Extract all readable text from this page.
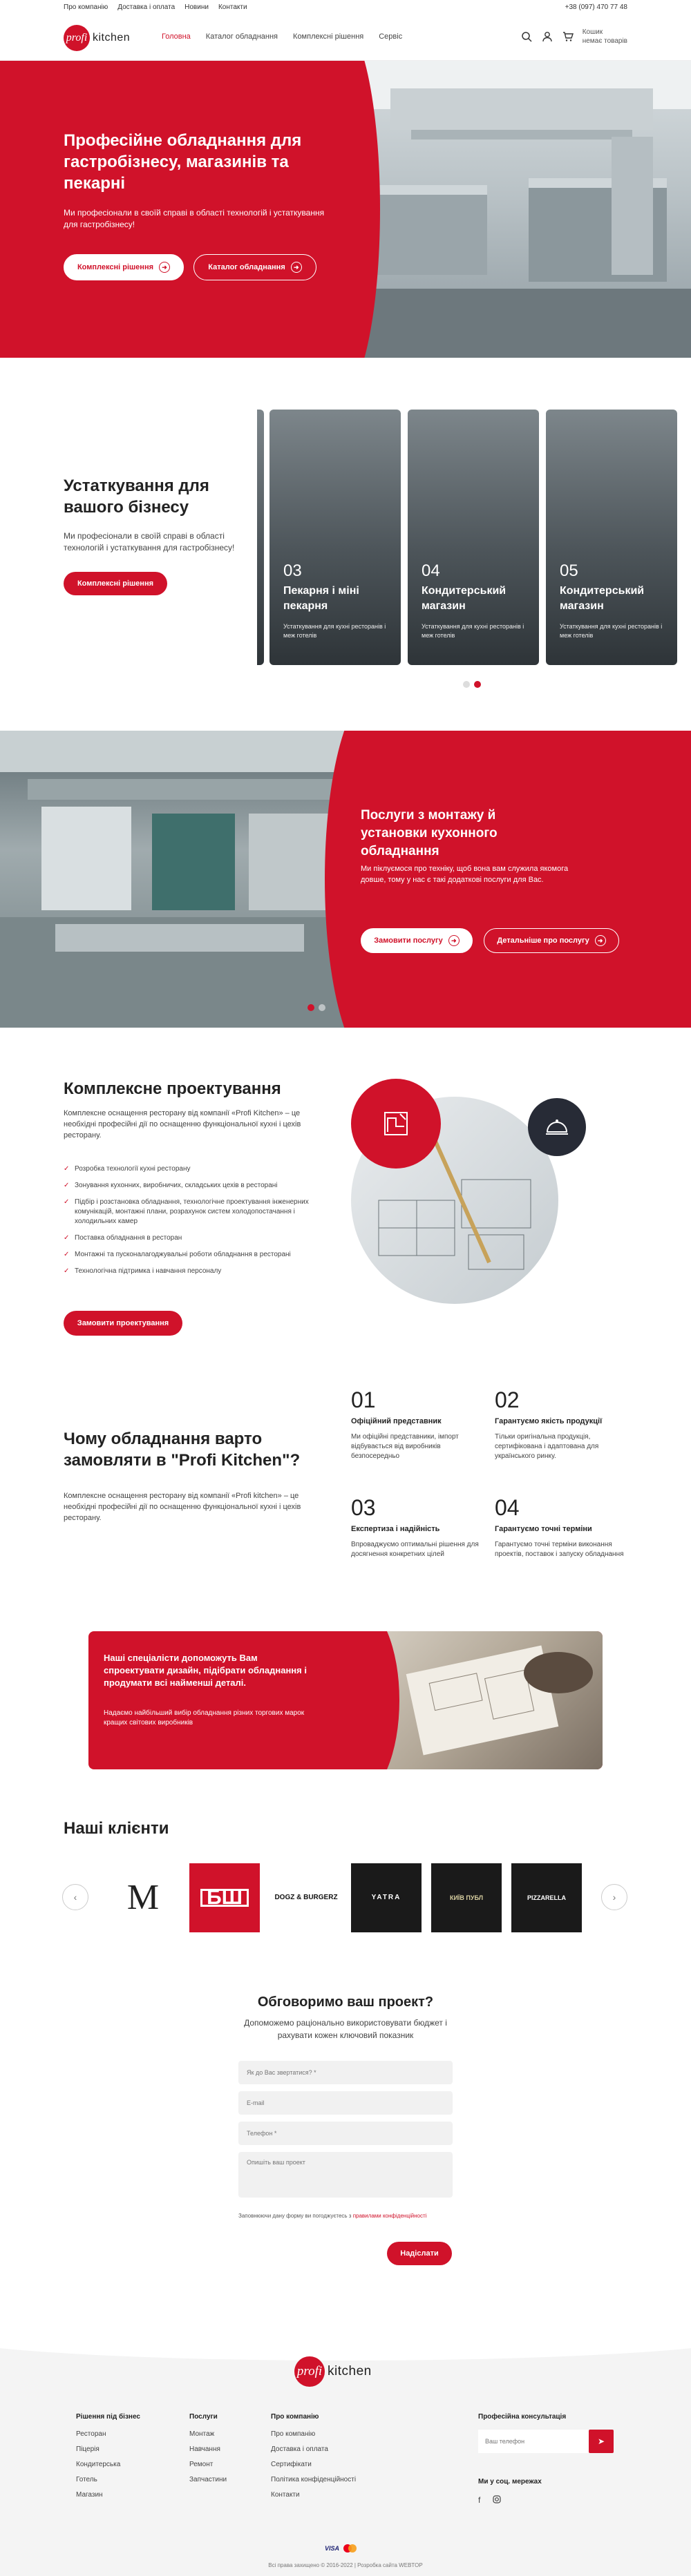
Про компанію Доставка і оплата Новини Контакти	+38 (097) 470 77 48
profi kitchen	Головна Каталог обладнання Комплексні рішення Сервіс
Кошик
немає товарів
Професійне обладнання для гастробізнесу, магазинів та пекарні

Ми професіонали в своїй справі в області технологій і устаткування для гастробізнесу!

Комплексні рішення	➜	Каталог обладнання	➜
Устаткування для вашого бізнесу

Ми професіонали в своїй справі в області технологій і устаткування для гастробізнесу!

Комплексні рішення
03
Пекарня і міні пекарня
Устаткування для кухні ресторанів і меж готелів
04
Кондитерський магазин
Устаткування для кухні ресторанів і меж готелів
05
Кондитерський магазин
Устаткування для кухні ресторанів і меж готелів
Послуги з монтажу й установки кухонного обладнання

Ми піклуємося про техніку, щоб вона вам служила якомога довше, тому у нас є такі додаткові послуги для Вас.

Замовити послугу	➜	Детальніше про послугу	➜
Комплексне проектування
Комплексне оснащення ресторану від компанії «Profi Kitchen» – це необхідні професійні дії по оснащенню функціональної кухні і цехів ресторану.
✓ Розробка технології кухні ресторану
✓ Зонування кухонних, виробничих, складських цехів в ресторані
✓ Підбір і розстановка обладнання, технологічне проектування інженерних комунікацій, монтажні плани, розрахунок систем холодопостачання і холодильних камер
✓ Поставка обладнання в ресторан
✓ Монтажні та пусконалагоджувальні роботи обладнання в ресторані
✓ Технологічна підтримка і навчання персоналу
Замовити проектування
Чому обладнання варто замовляти в "Profi Kitchen"?

Комплексне оснащення ресторану від компанії «Profi kitchen» – це необхідні професійні дії по оснащенню функціональної кухні і цехів ресторану.

01
Офіційний представник
Ми офіційні представники, імпорт відбувається від виробників безпосередньо
02
Гарантуємо якість продукції
Тільки оригінальна продукція, сертифікована і адаптована для українського ринку.
03
Експертиза і надійність
Впроваджуємо оптимальні рішення для досягнення конкретних цілей
04
Гарантуємо точні терміни
Гарантуємо точні терміни виконання проектів, поставок і запуску обладнання
Наші спеціалісти допоможуть Вам спроектувати дизайн, підібрати обладнання і продумати всі найменші деталі.

Надаємо найбільший вибір обладнання різних торгових марок кращих світових виробників

Наші клієнти
‹	›
M	БШ	DOGZ & BURGERZ	YATRA	КИЇВ ПУБЛ	PIZZARELLA
Обговоримо ваш проект?
Допоможемо раціонально використовувати бюджет і рахувати кожен ключовий показник
Як до Вас звертатися? *
E-mail
Телефон *
Опишіть ваш проект
Заповнюючи дану форму ви погоджуєтесь з правилами конфіденційності
Надіслати
profi kitchen
Рішення під бізнес
Ресторан
Піцерія
Кондитерська
Готель
Магазин
Послуги
Монтаж
Навчання
Ремонт
Запчастини
Про компанію
Про компанію
Доставка і оплата
Сертифікати
Політика конфіденційності
Контакти
Професійна консультація
Ваш телефон
➤
Ми у соц. мережах
f
VISA
Всі права захищено © 2016-2022 | Розробка сайта WEBTOP
